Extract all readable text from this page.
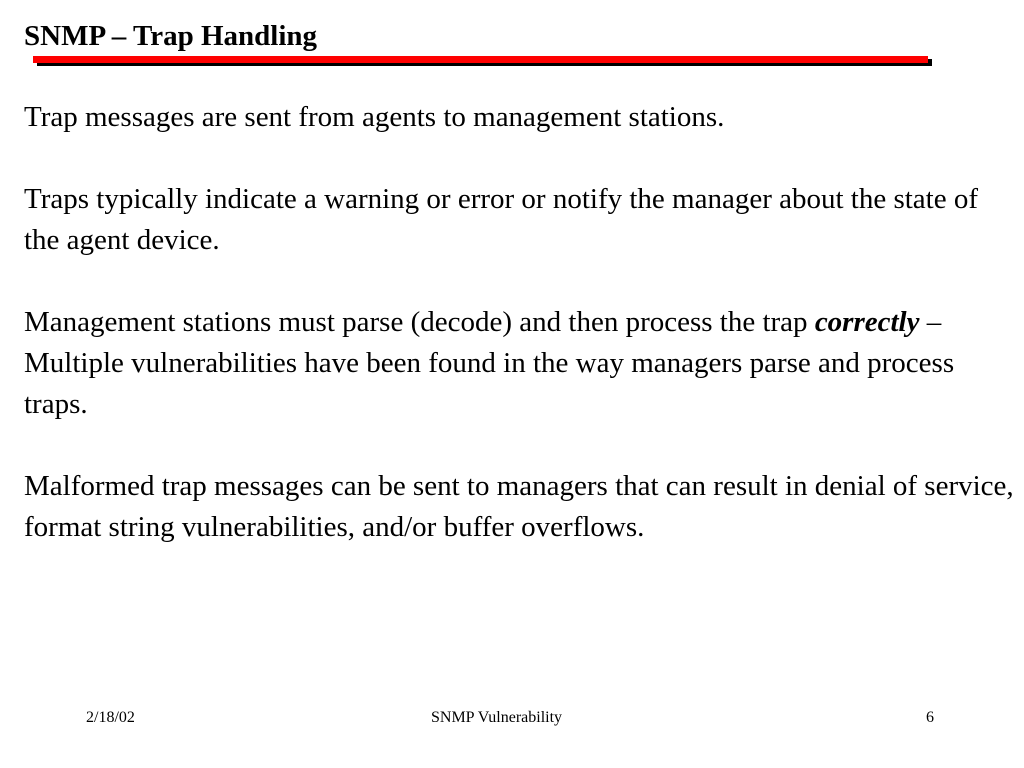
SNMP – Trap Handling

Trap messages are sent from agents to management stations.

Traps typically indicate a warning or error or notify the manager about the state of the agent device.

Management stations must parse (decode) and then process the trap correctly – Multiple vulnerabilities have been found in the way managers parse and process traps.

Malformed trap messages can be sent to managers that can result in denial of service, format string vulnerabilities, and/or buffer overflows.

2/18/02	SNMP Vulnerability	6
